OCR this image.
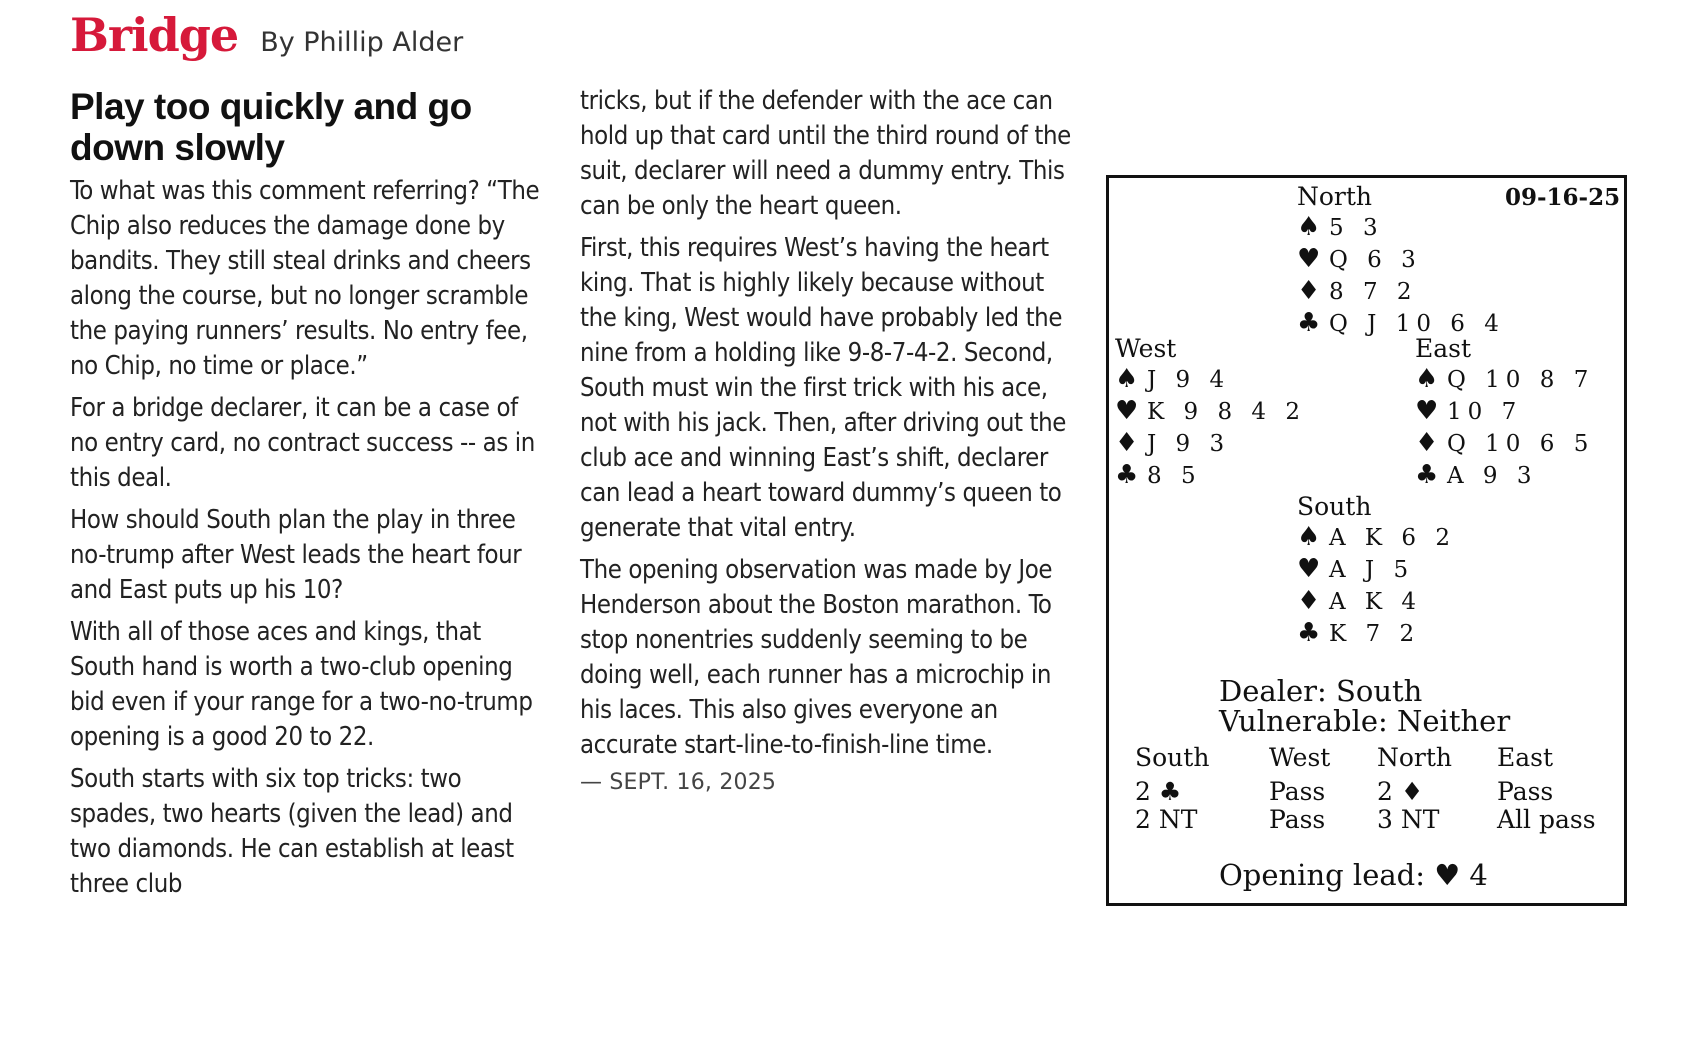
Bridge By Phillip Alder
Play too quickly and go down slowly

To what was this comment referring? “The Chip also reduces the damage done by bandits. They still steal drinks and cheers along the course, but no longer scramble the paying runners’ results. No entry fee, no Chip, no time or place.”

For a bridge declarer, it can be a case of no entry card, no contract success -- as in this deal.

How should South plan the play in three no-trump after West leads the heart four and East puts up his 10?

With all of those aces and kings, that South hand is worth a two-club opening bid even if your range for a two-no-trump opening is a good 20 to 22.

South starts with six top tricks: two spades, two hearts (given the lead) and two diamonds. He can establish at least three club

tricks, but if the defender with the ace can hold up that card until the third round of the suit, declarer will need a dummy entry. This can be only the heart queen.

First, this requires West’s having the heart king. That is highly likely because without the king, West would have probably led the nine from a holding like 9-8-7-4-2. Second, South must win the first trick with his ace, not with his jack. Then, after driving out the club ace and winning East’s shift, declarer can lead a heart toward dummy’s queen to generate that vital entry.

The opening observation was made by Joe Henderson about the Boston marathon. To stop nonentries suddenly seeming to be doing well, each runner has a microchip in his laces. This also gives everyone an accurate start-line-to-finish-line time.

— SEPT. 16, 2025
09-16-25
North
♠ 5 3
♥ Q 6 3
♦ 8 7 2
♣ Q J 10 6 4
West
♠ J 9 4
♥ K 9 8 4 2
♦ J 9 3
♣ 8 5
East
♠ Q 10 8 7
♥ 10 7
♦ Q 10 6 5
♣ A 9 3
South
♠ A K 6 2
♥ A J 5
♦ A K 4
♣ K 7 2
Dealer: South
Vulnerable: Neither
South
2 ♣
2 NT
West
Pass
Pass
North
2 ♦
3 NT
East
Pass
All pass
Opening lead: ♥ 4
